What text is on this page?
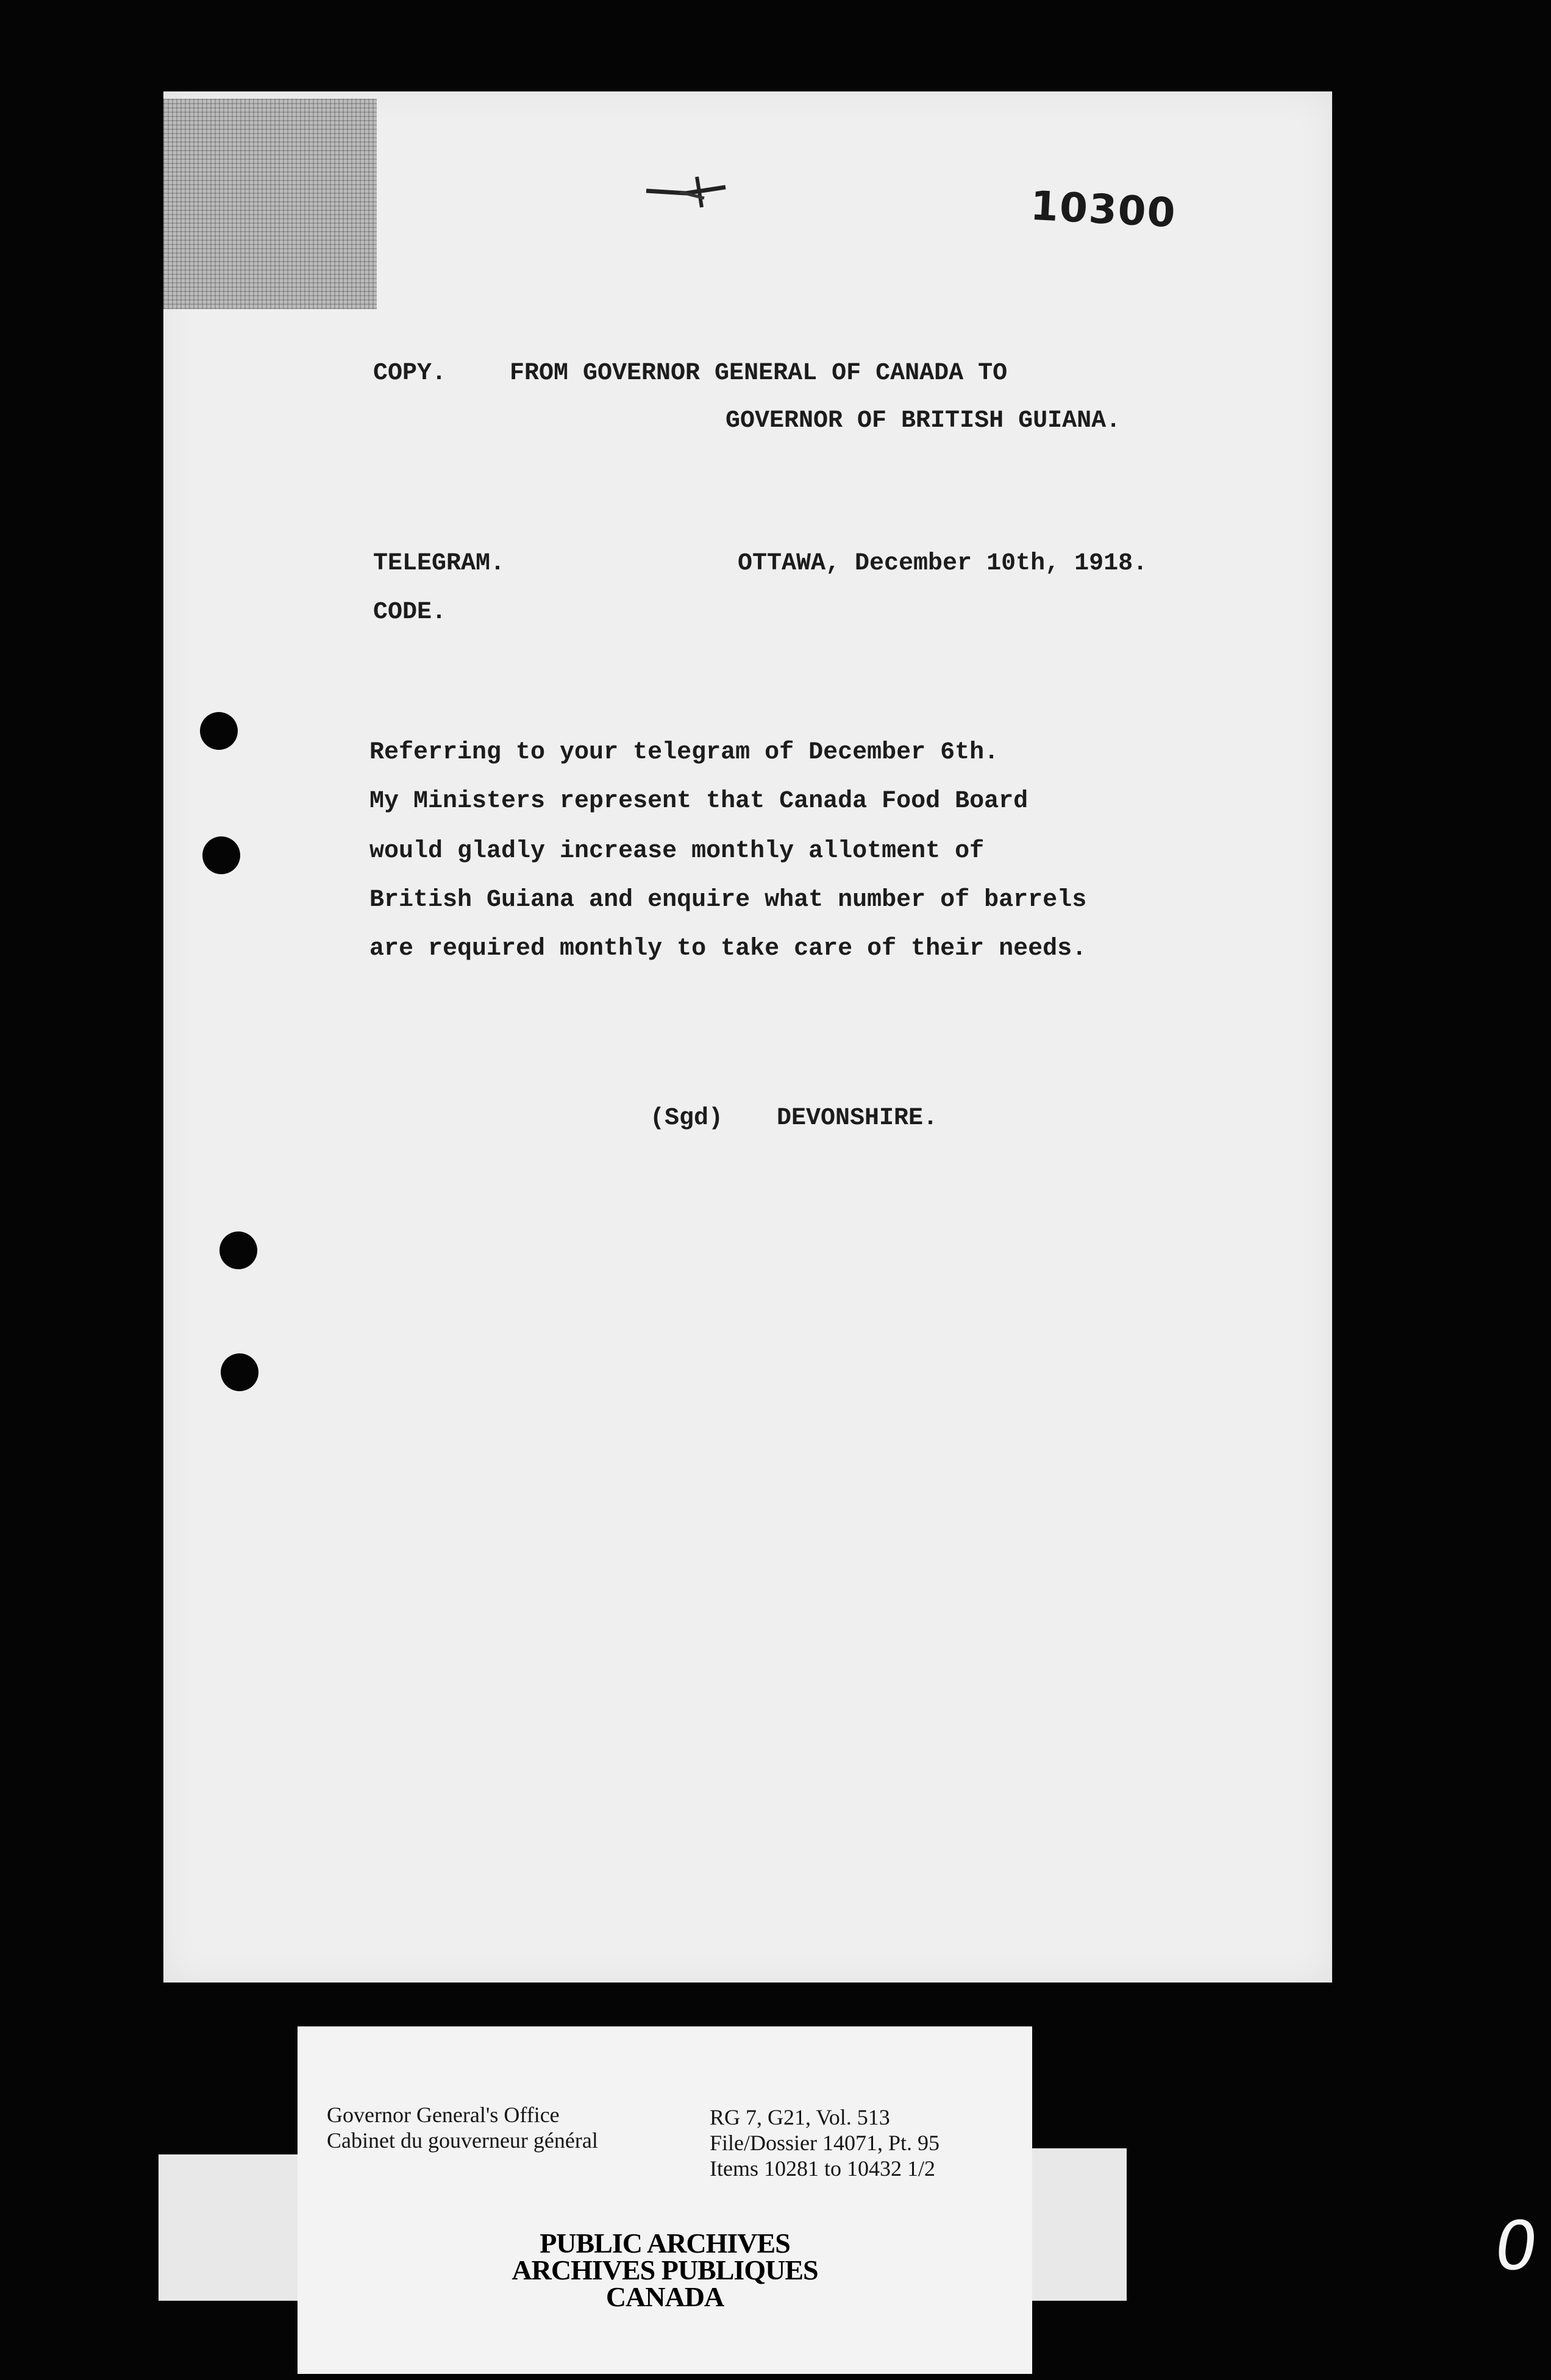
10300
COPY.	FROM GOVERNOR GENERAL OF CANADA TO
GOVERNOR OF BRITISH GUIANA.
TELEGRAM.	OTTAWA, December 10th, 1918.
CODE.
Referring to your telegram of December 6th.
My Ministers represent that Canada Food Board
would gladly increase monthly allotment of
British Guiana and enquire what number of barrels
are required monthly to take care of their needs.
(Sgd) DEVONSHIRE.
Governor General's Office
Cabinet du gouverneur général
RG 7, G21, Vol. 513
File/Dossier 14071, Pt. 95
Items 10281 to 10432 1/2
PUBLIC ARCHIVES
ARCHIVES PUBLIQUES
CANADA
0
